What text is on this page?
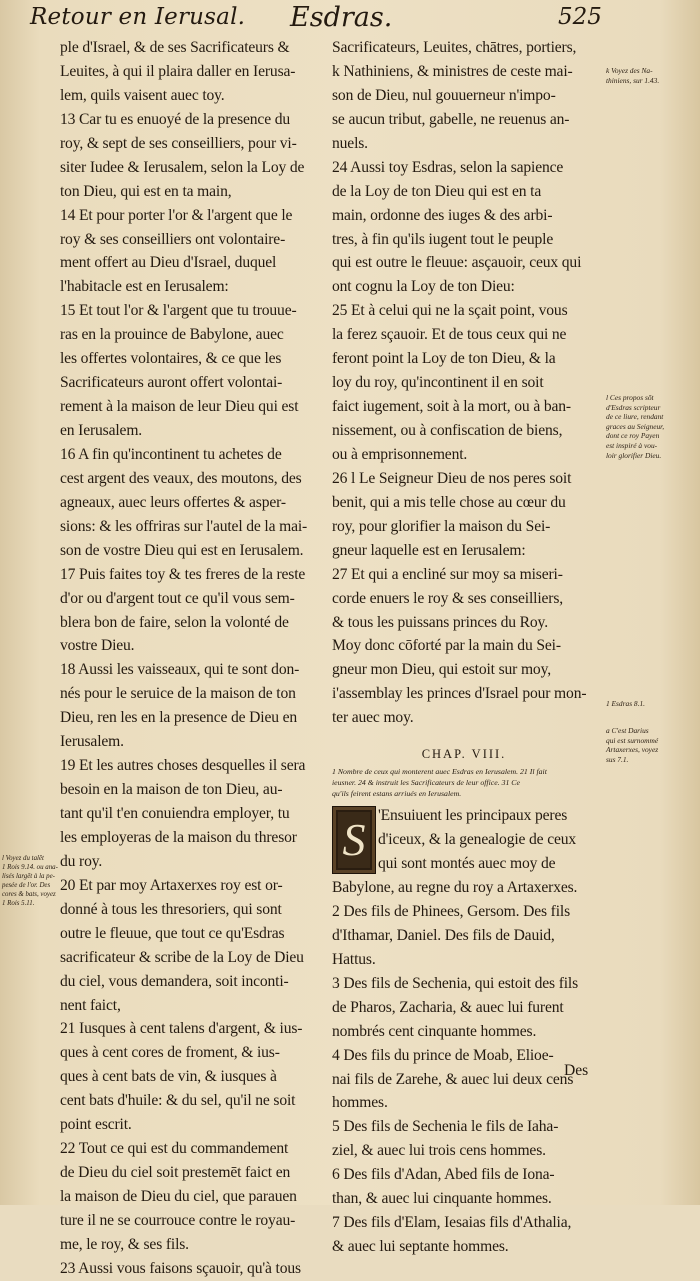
Retour en Ierusal. Esdras.	525
ple d'Israel, & de ses Sacrificateurs &
Leuites, à qui il plaira daller en Ierusa-
lem, quils vaisent auec toy.
13 Car tu es enuoyé de la presence du
roy, & sept de ses conseilliers, pour vi-
siter Iudee & Ierusalem, selon la Loy de
ton Dieu, qui est en ta main,
14 Et pour porter l'or & l'argent que le
roy & ses conseilliers ont volontaire-
ment offert au Dieu d'Israel, duquel
l'habitacle est en Ierusalem:
15 Et tout l'or & l'argent que tu trouue-
ras en la prouince de Babylone, auec
les offertes volontaires, & ce que les
Sacrificateurs auront offert volontai-
rement à la maison de leur Dieu qui est
en Ierusalem.
16 A fin qu'incontinent tu achetes de
cest argent des veaux, des moutons, des
agneaux, auec leurs offertes & asper-
sions: & les offriras sur l'autel de la mai-
son de vostre Dieu qui est en Ierusalem.
17 Puis faites toy & tes freres de la reste
d'or ou d'argent tout ce qu'il vous sem-
blera bon de faire, selon la volonté de
vostre Dieu.
18 Aussi les vaisseaux, qui te sont don-
nés pour le seruice de la maison de ton
Dieu, ren les en la presence de Dieu en
Ierusalem.
19 Et les autres choses desquelles il sera
besoin en la maison de ton Dieu, au-
tant qu'il t'en conuiendra employer, tu
les employeras de la maison du thresor
du roy.
20 Et par moy Artaxerxes roy est or-
donné à tous les thresoriers, qui sont
outre le fleuue, que tout ce qu'Esdras
sacrificateur & scribe de la Loy de Dieu
du ciel, vous demandera, soit inconti-
nent faict,
21 Iusques à cent talens d'argent, & ius-
ques à cent cores de froment, & ius-
ques à cent bats de vin, & iusques à
cent bats d'huile: & du sel, qu'il ne soit
point escrit.
22 Tout ce qui est du commandement
de Dieu du ciel soit prestemēt faict en
la maison de Dieu du ciel, que parauen
ture il ne se courrouce contre le royau-
me, le roy, & ses fils.
23 Aussi vous faisons sçauoir, qu'à tous
Sacrificateurs, Leuites, chātres, portiers,
k Nathiniens, & ministres de ceste mai-
son de Dieu, nul gouuerneur n'impo-
se aucun tribut, gabelle, ne reuenus an-
nuels.
24 Aussi toy Esdras, selon la sapience
de la Loy de ton Dieu qui est en ta
main, ordonne des iuges & des arbi-
tres, à fin qu'ils iugent tout le peuple
qui est outre le fleuue: asçauoir, ceux qui
ont cognu la Loy de ton Dieu:
25 Et à celui qui ne la sçait point, vous
la ferez sçauoir. Et de tous ceux qui ne
feront point la Loy de ton Dieu, & la
loy du roy, qu'incontinent il en soit
faict iugement, soit à la mort, ou à ban-
nissement, ou à confiscation de biens,
ou à emprisonnement.
26 l Le Seigneur Dieu de nos peres soit
benit, qui a mis telle chose au cœur du
roy, pour glorifier la maison du Sei-
gneur laquelle est en Ierusalem:
27 Et qui a encliné sur moy sa miseri-
corde enuers le roy & ses conseilliers,
& tous les puissans princes du Roy.
Moy donc cōforté par la main du Sei-
gneur mon Dieu, qui estoit sur moy,
i'assemblay les princes d'Israel pour mon-
ter auec moy.
CHAP. VIII.
1 Nombre de ceux qui monterent auec Esdras en Ierusalem. 21 Il fait
ieusner. 24 & instruit les Sacrificateurs de leur office. 31 Ce
qu'ils feirent estans arriués en Ierusalem.
S 'Ensuiuent les principaux peres
d'iceux, & la genealogie de ceux
qui sont montés auec moy de
Babylone, au regne du roy a Artaxerxes.
2 Des fils de Phinees, Gersom. Des fils
d'Ithamar, Daniel. Des fils de Dauid,
Hattus.
3 Des fils de Sechenia, qui estoit des fils
de Pharos, Zacharia, & auec lui furent
nombrés cent cinquante hommes.
4 Des fils du prince de Moab, Elioe-
nai fils de Zarehe, & auec lui deux cens
hommes.
5 Des fils de Sechenia le fils de Iaha-
ziel, & auec lui trois cens hommes.
6 Des fils d'Adan, Abed fils de Iona-
than, & auec lui cinquante hommes.
7 Des fils d'Elam, Iesaias fils d'Athalia,
& auec lui septante hommes.
k Voyez des Na-
thiniens, sur 1.43.
l Ces propos sōt
d'Esdras scripteur
de ce liure, rendant
graces au Seigneur,
dont ce roy Payen
est inspiré à vou-
loir glorifier Dieu.
1 Esdras 8.1.
a C'est Darius
qui est surnommé
Artaxerxes, voyez
sus 7.1.
l Voyez du talēt
1 Rois 9.14. ou ana-
lisés largēt à la pe-
pesée de l'or. Des
cores & bats, voyez
1 Rois 5.11.
Des
